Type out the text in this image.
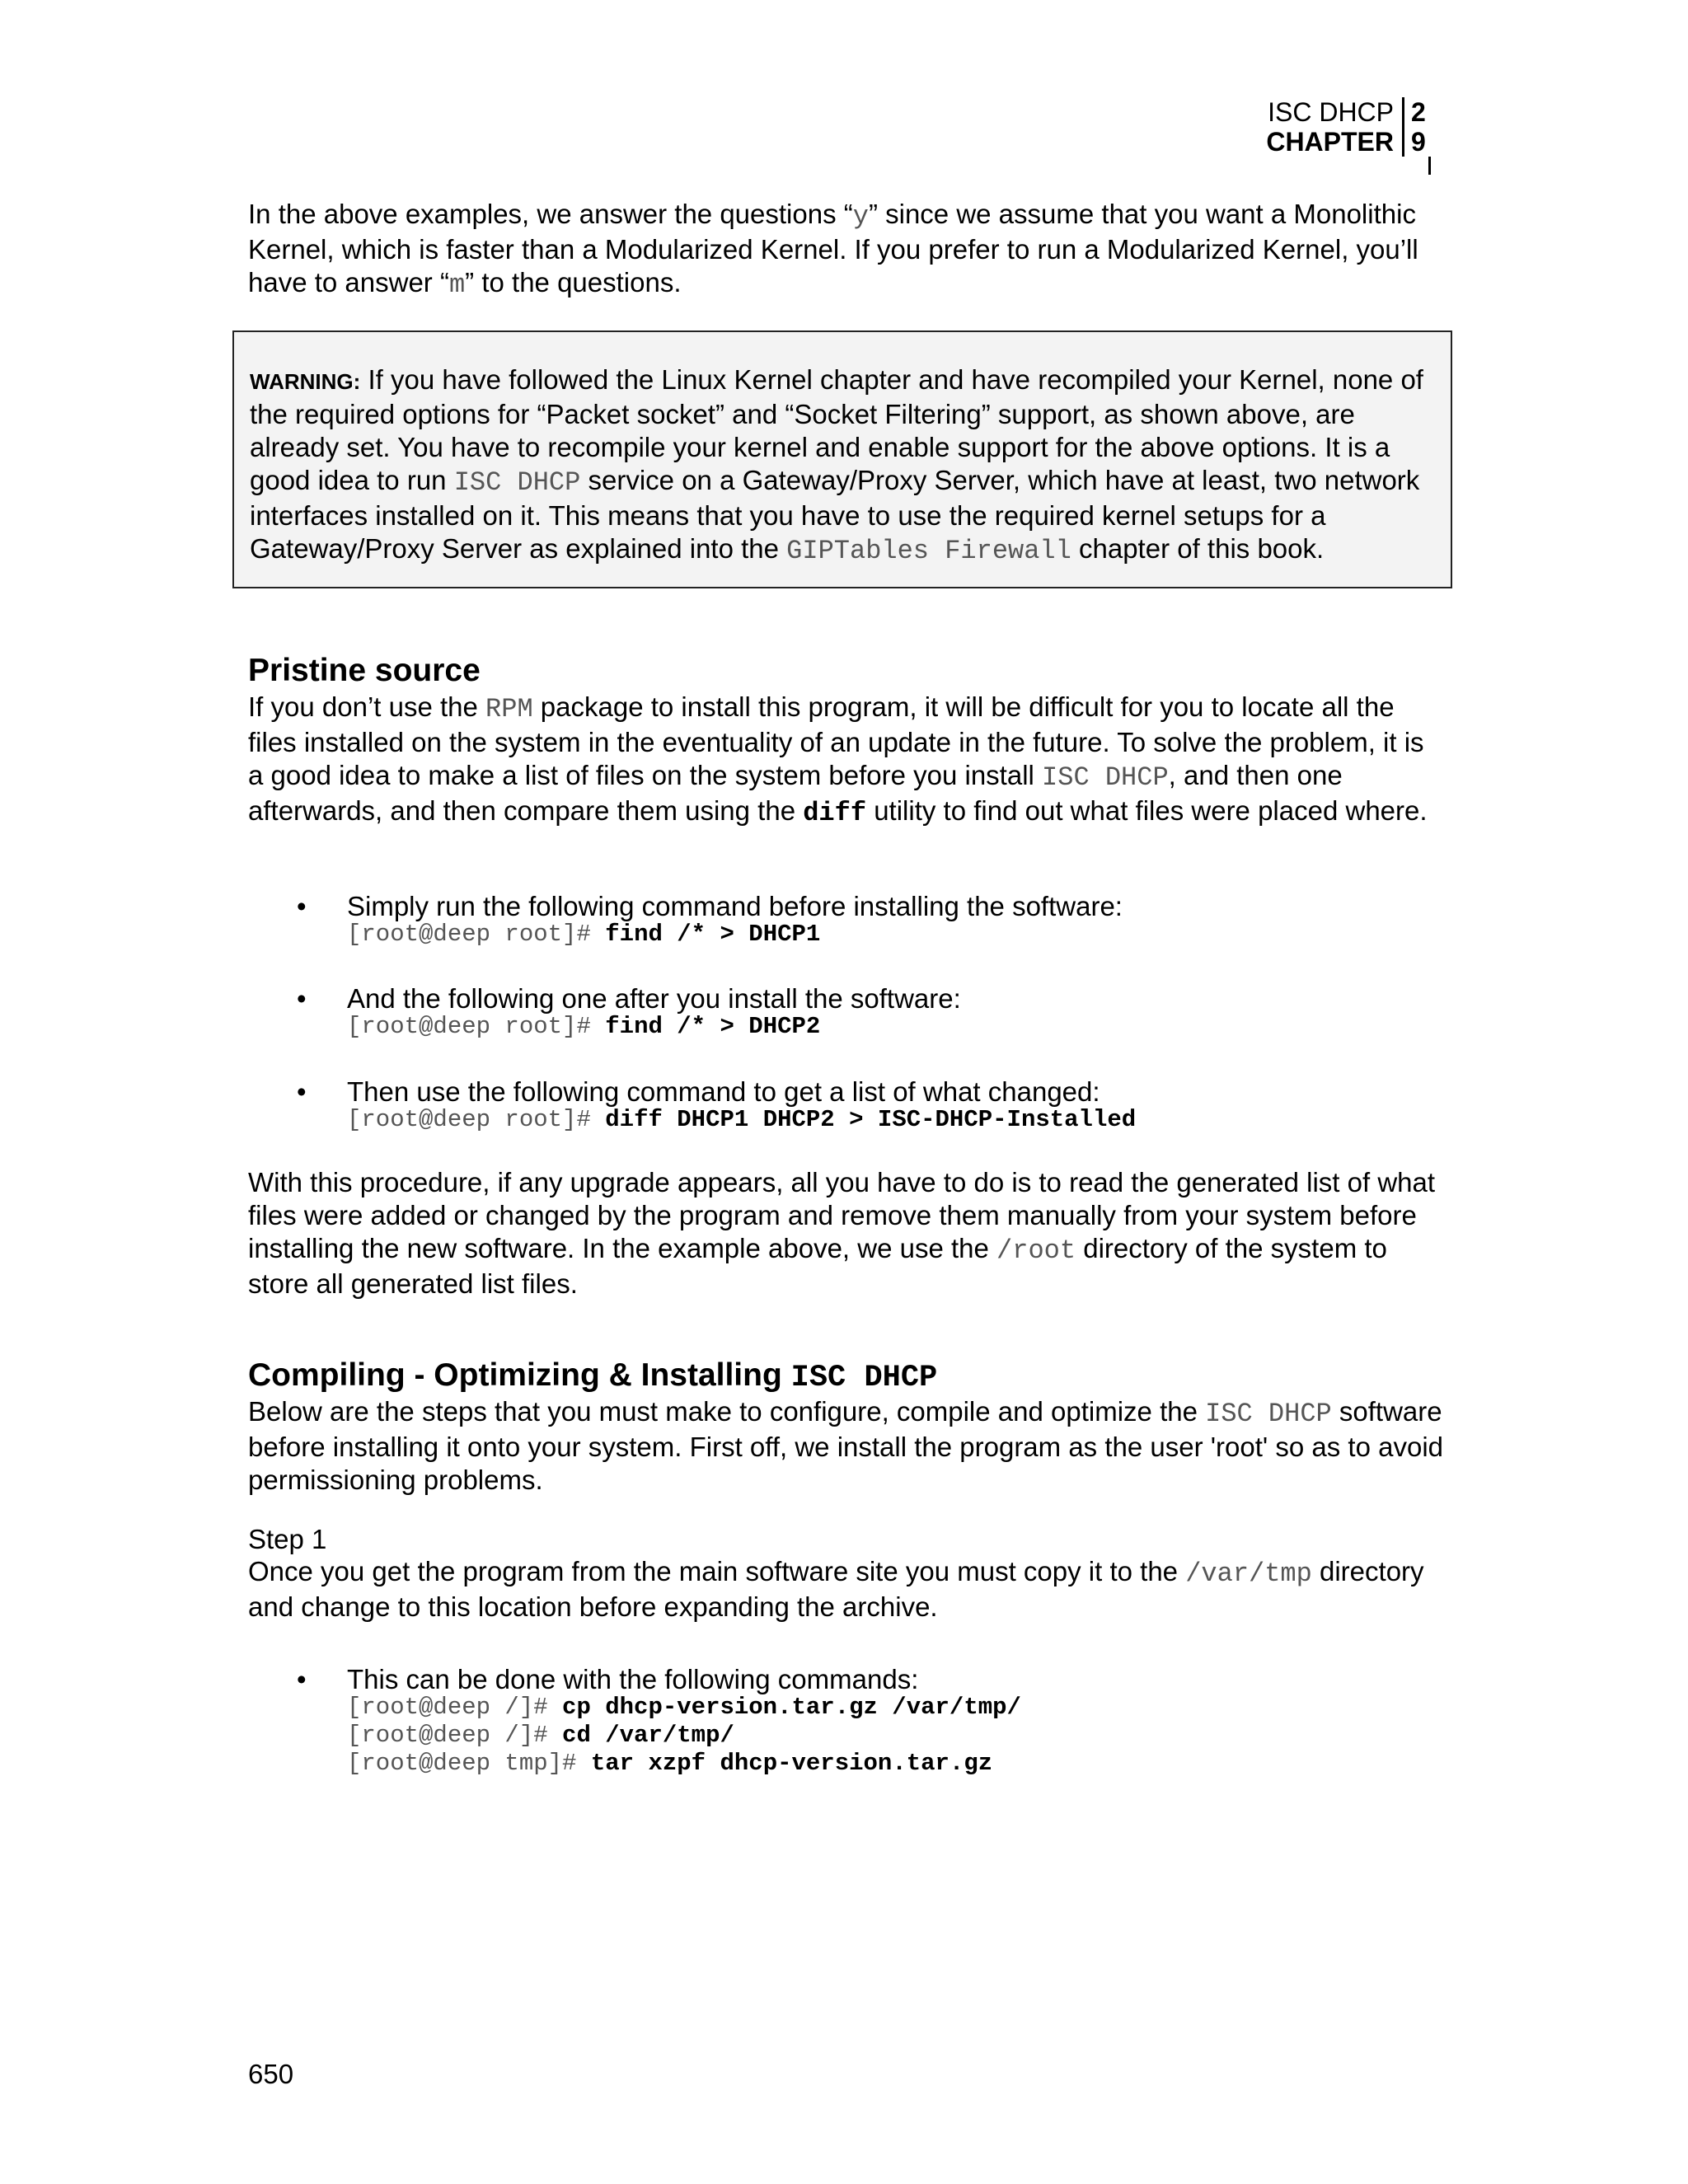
ISC DHCP 2
CHAPTER 9

In the above examples, we answer the questions “y” since we assume that you want a Monolithic Kernel, which is faster than a Modularized Kernel. If you prefer to run a Modularized Kernel, you’ll have to answer “m” to the questions.

WARNING: If you have followed the Linux Kernel chapter and have recompiled your Kernel, none of the required options for “Packet socket” and “Socket Filtering” support, as shown above, are already set. You have to recompile your kernel and enable support for the above options. It is a good idea to run ISC DHCP service on a Gateway/Proxy Server, which have at least, two network interfaces installed on it. This means that you have to use the required kernel setups for a Gateway/Proxy Server as explained into the GIPTables Firewall chapter of this book.

Pristine source

If you don’t use the RPM package to install this program, it will be difficult for you to locate all the files installed on the system in the eventuality of an update in the future. To solve the problem, it is a good idea to make a list of files on the system before you install ISC DHCP, and then one afterwards, and then compare them using the diff utility to find out what files were placed where.

• Simply run the following command before installing the software:
[root@deep root]# find /* > DHCP1
• And the following one after you install the software:
[root@deep root]# find /* > DHCP2
• Then use the following command to get a list of what changed:
[root@deep root]# diff DHCP1 DHCP2 > ISC-DHCP-Installed

With this procedure, if any upgrade appears, all you have to do is to read the generated list of what files were added or changed by the program and remove them manually from your system before installing the new software. In the example above, we use the /root directory of the system to store all generated list files.

Compiling - Optimizing & Installing ISC DHCP

Below are the steps that you must make to configure, compile and optimize the ISC DHCP software before installing it onto your system. First off, we install the program as the user 'root' so as to avoid permissioning problems.

Step 1

Once you get the program from the main software site you must copy it to the /var/tmp directory and change to this location before expanding the archive.

• This can be done with the following commands:
[root@deep /]# cp dhcp-version.tar.gz /var/tmp/
[root@deep /]# cd /var/tmp/
[root@deep tmp]# tar xzpf dhcp-version.tar.gz
650
